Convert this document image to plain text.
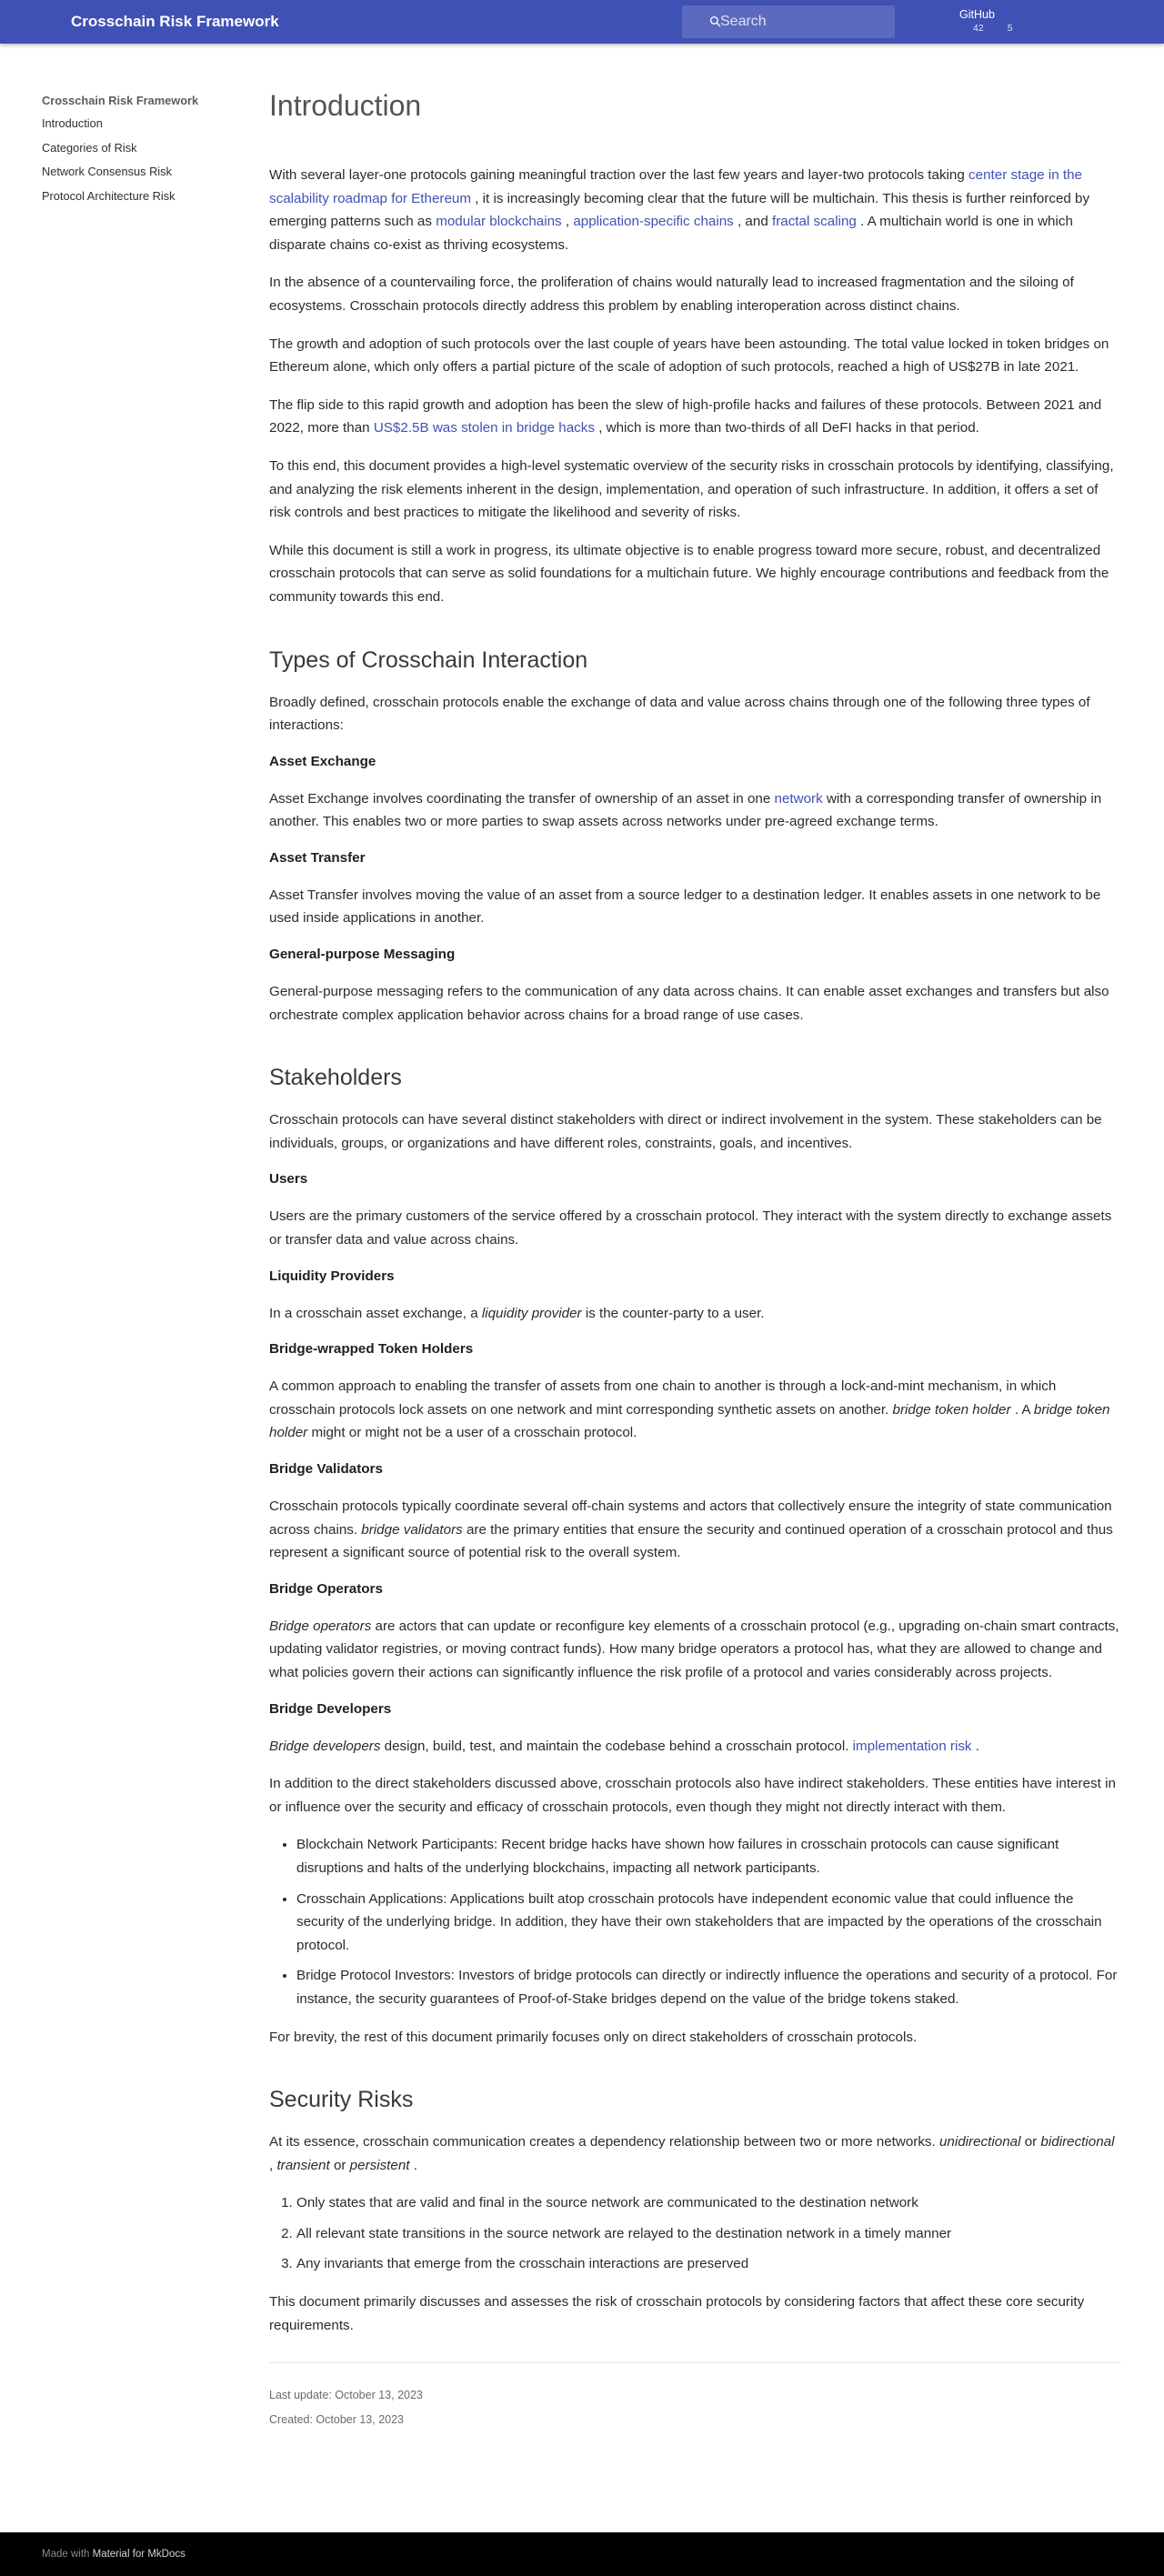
Crosschain Risk Framework
Search	GitHub
42 5
Crosschain Risk Framework
Introduction
Categories of Risk
Network Consensus Risk
Protocol Architecture Risk
Introduction

With several layer-one protocols gaining meaningful traction over the last few years and layer-two protocols taking center stage in the scalability roadmap for Ethereum , it is increasingly becoming clear that the future will be multichain. This thesis is further reinforced by emerging patterns such as modular blockchains , application-specific chains , and fractal scaling . A multichain world is one in which disparate chains co-exist as thriving ecosystems.

In the absence of a countervailing force, the proliferation of chains would naturally lead to increased fragmentation and the siloing of ecosystems. Crosschain protocols directly address this problem by enabling interoperation across distinct chains.

The growth and adoption of such protocols over the last couple of years have been astounding. The total value locked in token bridges on Ethereum alone, which only offers a partial picture of the scale of adoption of such protocols, reached a high of US$27B in late 2021.

The flip side to this rapid growth and adoption has been the slew of high-profile hacks and failures of these protocols. Between 2021 and 2022, more than US$2.5B was stolen in bridge hacks , which is more than two-thirds of all DeFI hacks in that period.

To this end, this document provides a high-level systematic overview of the security risks in crosschain protocols by identifying, classifying, and analyzing the risk elements inherent in the design, implementation, and operation of such infrastructure. In addition, it offers a set of risk controls and best practices to mitigate the likelihood and severity of risks.

While this document is still a work in progress, its ultimate objective is to enable progress toward more secure, robust, and decentralized crosschain protocols that can serve as solid foundations for a multichain future. We highly encourage contributions and feedback from the community towards this end.

Types of Crosschain Interaction

Broadly defined, crosschain protocols enable the exchange of data and value across chains through one of the following three types of interactions:

Asset Exchange

Asset Exchange involves coordinating the transfer of ownership of an asset in one network with a corresponding transfer of ownership in another. This enables two or more parties to swap assets across networks under pre-agreed exchange terms.

Asset Transfer

Asset Transfer involves moving the value of an asset from a source ledger to a destination ledger. It enables assets in one network to be used inside applications in another.

General-purpose Messaging

General-purpose messaging refers to the communication of any data across chains. It can enable asset exchanges and transfers but also orchestrate complex application behavior across chains for a broad range of use cases.

Stakeholders

Crosschain protocols can have several distinct stakeholders with direct or indirect involvement in the system. These stakeholders can be individuals, groups, or organizations and have different roles, constraints, goals, and incentives.

Users

Users are the primary customers of the service offered by a crosschain protocol. They interact with the system directly to exchange assets or transfer data and value across chains.

Liquidity Providers

In a crosschain asset exchange, a liquidity provider is the counter-party to a user.

Bridge-wrapped Token Holders

A common approach to enabling the transfer of assets from one chain to another is through a lock-and-mint mechanism, in which crosschain protocols lock assets on one network and mint corresponding synthetic assets on another. bridge token holder . A bridge token holder might or might not be a user of a crosschain protocol.

Bridge Validators

Crosschain protocols typically coordinate several off-chain systems and actors that collectively ensure the integrity of state communication across chains. bridge validators are the primary entities that ensure the security and continued operation of a crosschain protocol and thus represent a significant source of potential risk to the overall system.

Bridge Operators

Bridge operators are actors that can update or reconfigure key elements of a crosschain protocol (e.g., upgrading on-chain smart contracts, updating validator registries, or moving contract funds). How many bridge operators a protocol has, what they are allowed to change and what policies govern their actions can significantly influence the risk profile of a protocol and varies considerably across projects.

Bridge Developers

Bridge developers design, build, test, and maintain the codebase behind a crosschain protocol. implementation risk .

In addition to the direct stakeholders discussed above, crosschain protocols also have indirect stakeholders. These entities have interest in or influence over the security and efficacy of crosschain protocols, even though they might not directly interact with them.

• Blockchain Network Participants: Recent bridge hacks have shown how failures in crosschain protocols can cause significant disruptions and halts of the underlying blockchains, impacting all network participants.
• Crosschain Applications: Applications built atop crosschain protocols have independent economic value that could influence the security of the underlying bridge. In addition, they have their own stakeholders that are impacted by the operations of the crosschain protocol.
• Bridge Protocol Investors: Investors of bridge protocols can directly or indirectly influence the operations and security of a protocol. For instance, the security guarantees of Proof-of-Stake bridges depend on the value of the bridge tokens staked.

For brevity, the rest of this document primarily focuses only on direct stakeholders of crosschain protocols.

Security Risks

At its essence, crosschain communication creates a dependency relationship between two or more networks. unidirectional or bidirectional , transient or persistent .

1. Only states that are valid and final in the source network are communicated to the destination network
2. All relevant state transitions in the source network are relayed to the destination network in a timely manner
3. Any invariants that emerge from the crosschain interactions are preserved

This document primarily discusses and assesses the risk of crosschain protocols by considering factors that affect these core security requirements.

Last update: October 13, 2023
Created: October 13, 2023
Made with Material for MkDocs
